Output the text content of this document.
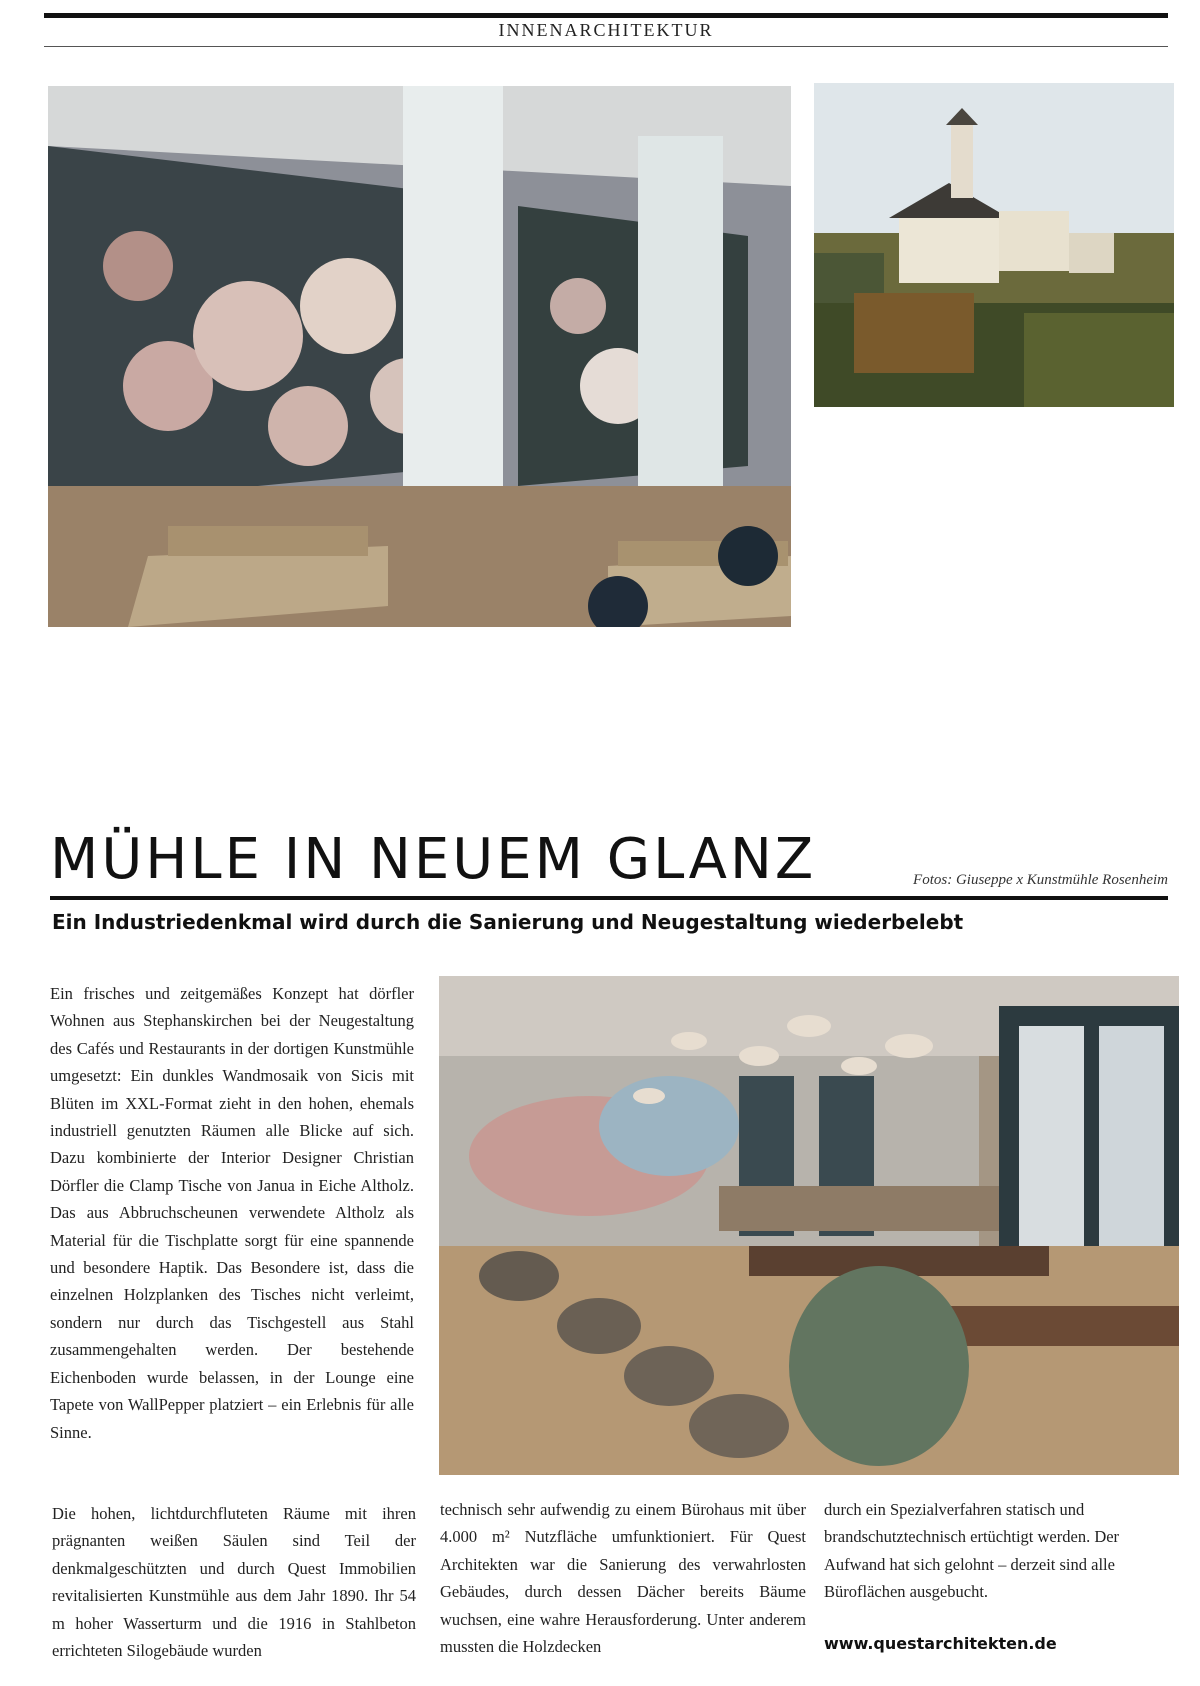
INNENARCHITEKTUR
MÜHLE IN NEUEM GLANZ	Fotos: Giuseppe x Kunstmühle Rosenheim
Ein Industriedenkmal wird durch die Sanierung und Neugestaltung wiederbelebt

Ein frisches und zeitgemäßes Konzept hat dörfler Wohnen aus Stephanskirchen bei der Neugestaltung des Cafés und Restaurants in der dortigen Kunstmühle umgesetzt: Ein dunkles Wandmosaik von Sicis mit Blüten im XXL-Format zieht in den hohen, ehemals industriell genutzten Räumen alle Blicke auf sich. Dazu kombinierte der Interior Designer Christian Dörfler die Clamp Tische von Janua in Eiche Altholz. Das aus Abbruchscheunen verwendete Altholz als Material für die Tischplatte sorgt für eine spannende und besondere Haptik. Das Besondere ist, dass die einzelnen Holzplanken des Tisches nicht verleimt, sondern nur durch das Tischgestell aus Stahl zusammengehalten werden. Der bestehende Eichenboden wurde belassen, in der Lounge eine Tapete von WallPepper platziert – ein Erlebnis für alle Sinne.

Die hohen, lichtdurchfluteten Räume mit ihren prägnanten weißen Säulen sind Teil der denkmalgeschützten und durch Quest Immobilien revitalisierten Kunstmühle aus dem Jahr 1890. Ihr 54 m hoher Wasserturm und die 1916 in Stahlbeton errichteten Silogebäude wurden

technisch sehr aufwendig zu einem Bürohaus mit über 4.000 m² Nutzfläche umfunktioniert. Für Quest Architekten war die Sanierung des verwahrlosten Gebäudes, durch dessen Dächer bereits Bäume wuchsen, eine wahre Herausforderung. Unter anderem mussten die Holzdecken

durch ein Spezialverfahren statisch und brandschutztechnisch ertüchtigt werden. Der Aufwand hat sich gelohnt – derzeit sind alle Büroflächen ausgebucht.

www.questarchitekten.de
